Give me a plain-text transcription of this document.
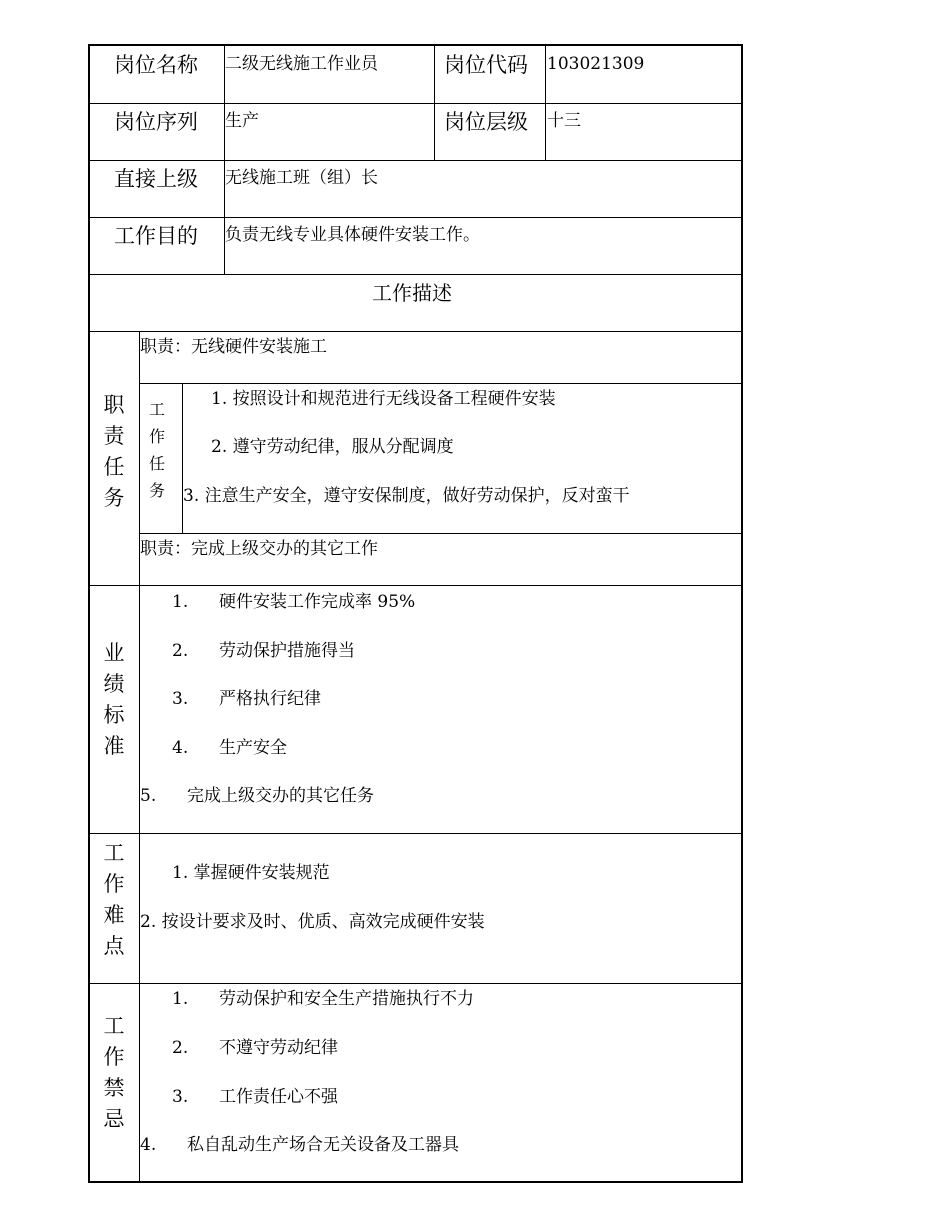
岗位名称 二级无线施工作业员	岗位代码 103021309
岗位序列 生产	岗位层级 十三
直接上级 无线施工班（组）长
工作目的 负责无线专业具体硬件安装工作。
工作描述
职
责
任
务
职责：无线硬件安装施工
工
作
任
务
1. 按照设计和规范进行无线设备工程硬件安装
2. 遵守劳动纪律，服从分配调度
3. 注意生产安全，遵守安保制度，做好劳动保护，反对蛮干
职责：完成上级交办的其它工作
业
绩
标
准
1. 硬件安装工作完成率 95%
2. 劳动保护措施得当
3. 严格执行纪律
4. 生产安全
5. 完成上级交办的其它任务
工
作
难
点
1. 掌握硬件安装规范
2. 按设计要求及时、优质、高效完成硬件安装
工
作
禁
忌
1. 劳动保护和安全生产措施执行不力
2. 不遵守劳动纪律
3. 工作责任心不强
4. 私自乱动生产场合无关设备及工器具
